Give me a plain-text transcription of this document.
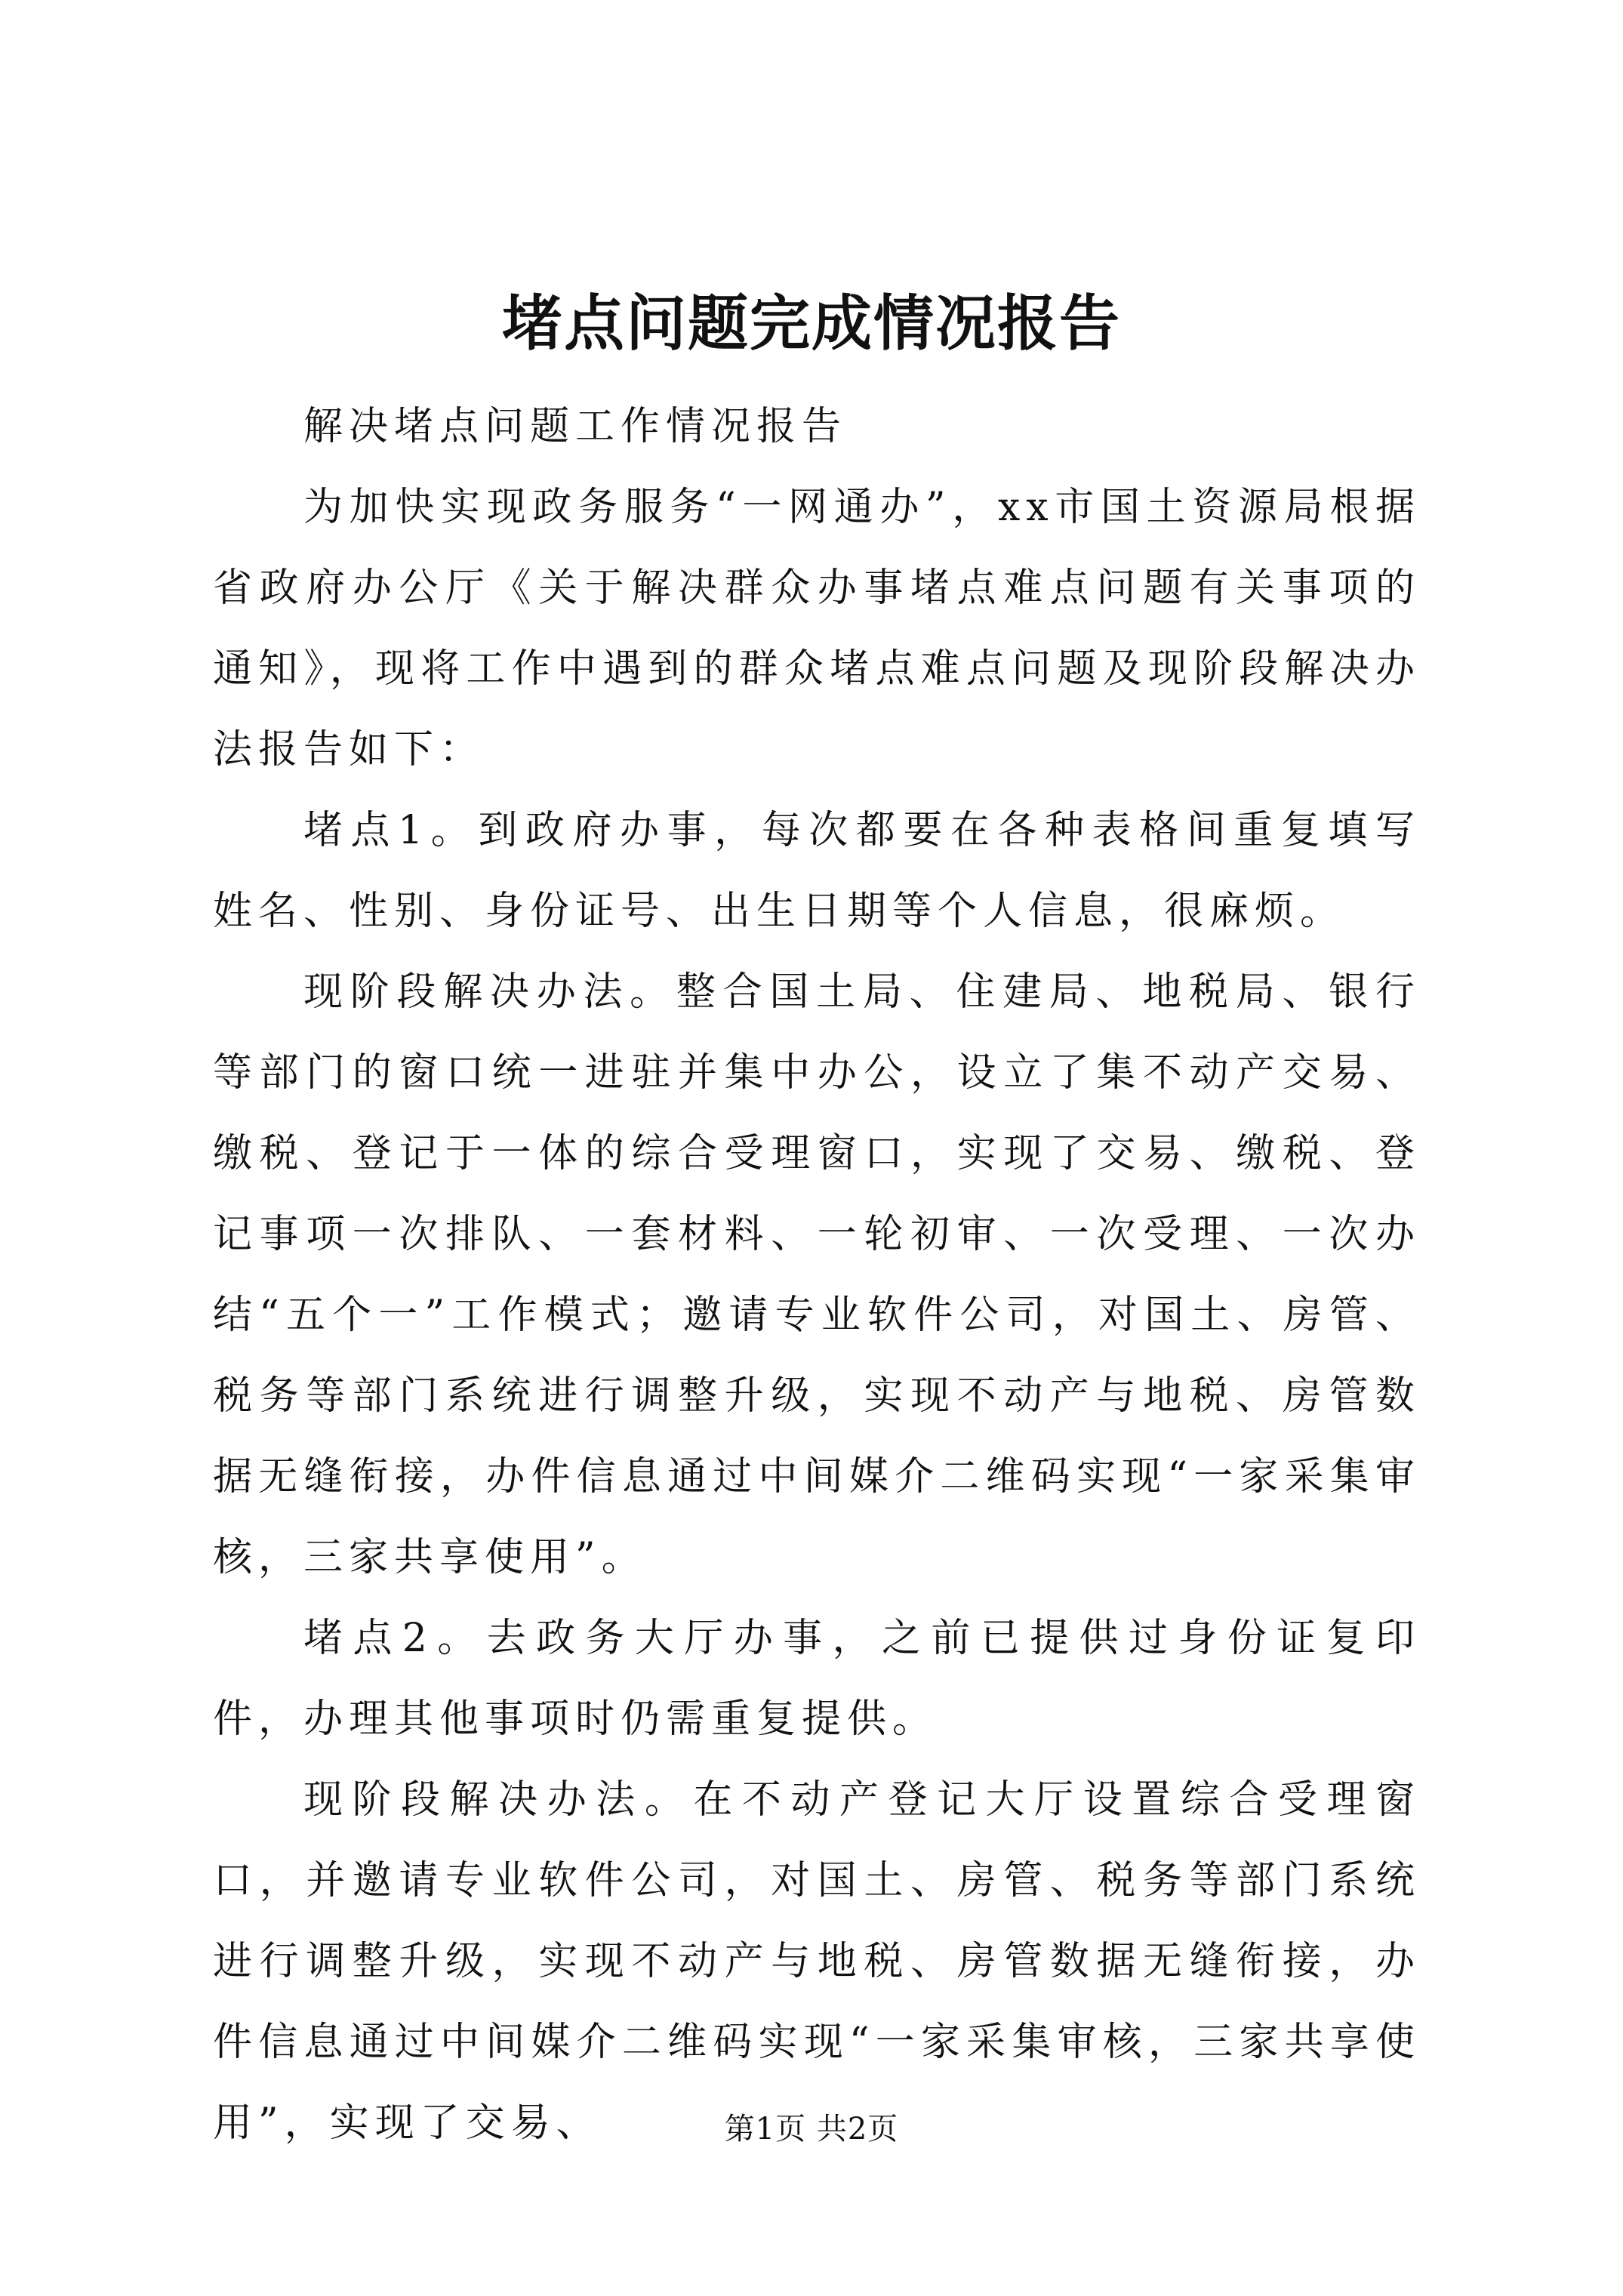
堵点问题完成情况报告

解决堵点问题工作情况报告

为加快实现政务服务“一网通办”，xx市国土资源局根据省政府办公厅《关于解决群众办事堵点难点问题有关事项的通知》，现将工作中遇到的群众堵点难点问题及现阶段解决办法报告如下：

堵点1。到政府办事，每次都要在各种表格间重复填写姓名、性别、身份证号、出生日期等个人信息，很麻烦。

现阶段解决办法。整合国土局、住建局、地税局、银行等部门的窗口统一进驻并集中办公，设立了集不动产交易、缴税、登记于一体的综合受理窗口，实现了交易、缴税、登记事项一次排队、一套材料、一轮初审、一次受理、一次办结“五个一”工作模式；邀请专业软件公司，对国土、房管、税务等部门系统进行调整升级，实现不动产与地税、房管数据无缝衔接，办件信息通过中间媒介二维码实现“一家采集审核，三家共享使用”。

堵点2。去政务大厅办事，之前已提供过身份证复印件，办理其他事项时仍需重复提供。

现阶段解决办法。在不动产登记大厅设置综合受理窗口，并邀请专业软件公司，对国土、房管、税务等部门系统进行调整升级，实现不动产与地税、房管数据无缝衔接，办件信息通过中间媒介二维码实现“一家采集审核，三家共享使用”，实现了交易、	第1页 共2页
